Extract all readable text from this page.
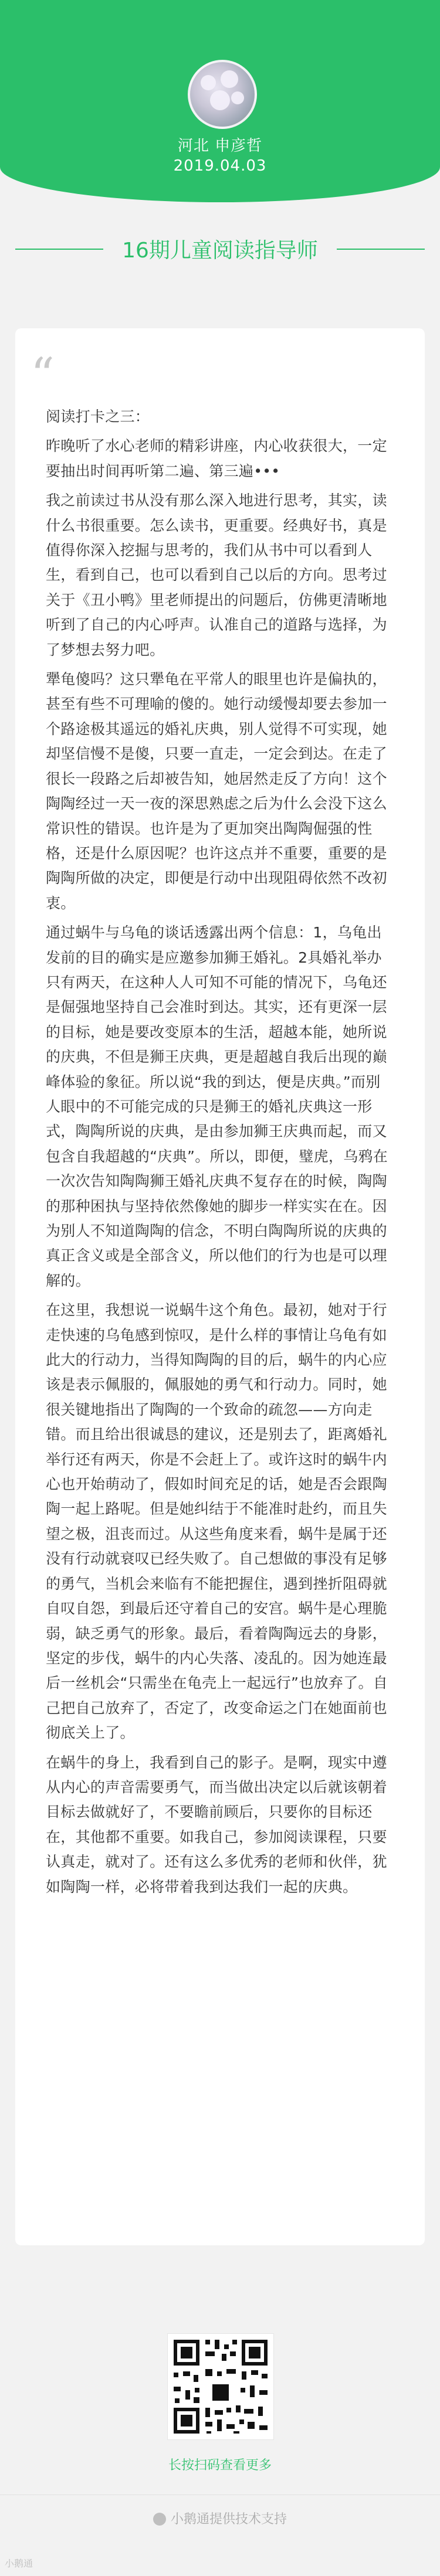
河北 申彦哲
2019.04.03
16期儿童阅读指导师
“

阅读打卡之三：

昨晚听了水心老师的精彩讲座，内心收获很大，一定要抽出时间再听第二遍、第三遍•••

我之前读过书从没有那么深入地进行思考，其实，读什么书很重要。怎么读书，更重要。经典好书，真是值得你深入挖掘与思考的，我们从书中可以看到人生，看到自己，也可以看到自己以后的方向。思考过关于《丑小鸭》里老师提出的问题后，仿佛更清晰地听到了自己的内心呼声。认准自己的道路与选择，为了梦想去努力吧。

犟龟傻吗？这只犟龟在平常人的眼里也许是偏执的，甚至有些不可理喻的傻的。她行动缓慢却要去参加一个路途极其遥远的婚礼庆典，别人觉得不可实现，她却坚信慢不是傻，只要一直走，一定会到达。在走了很长一段路之后却被告知，她居然走反了方向！这个陶陶经过一天一夜的深思熟虑之后为什么会没下这么常识性的错误。也许是为了更加突出陶陶倔强的性格，还是什么原因呢？也许这点并不重要，重要的是陶陶所做的决定，即便是行动中出现阻碍依然不改初衷。

通过蜗牛与乌龟的谈话透露出两个信息：1，乌龟出发前的目的确实是应邀参加狮王婚礼。2具婚礼举办只有两天，在这种人人可知不可能的情况下，乌龟还是倔强地坚持自己会准时到达。其实，还有更深一层的目标，她是要改变原本的生活，超越本能，她所说的庆典，不但是狮王庆典，更是超越自我后出现的巅峰体验的象征。所以说“我的到达，便是庆典。”而别人眼中的不可能完成的只是狮王的婚礼庆典这一形式，陶陶所说的庆典，是由参加狮王庆典而起，而又包含自我超越的“庆典”。所以，即便，璧虎，乌鸦在一次次告知陶陶狮王婚礼庆典不复存在的时候，陶陶的那种困执与坚持依然像她的脚步一样实实在在。因为别人不知道陶陶的信念，不明白陶陶所说的庆典的真正含义或是全部含义，所以他们的行为也是可以理解的。

在这里，我想说一说蜗牛这个角色。最初，她对于行走快速的乌龟感到惊叹，是什么样的事情让乌龟有如此大的行动力，当得知陶陶的目的后，蜗牛的内心应该是表示佩服的，佩服她的勇气和行动力。同时，她很关键地指出了陶陶的一个致命的疏忽——方向走错。而且给出很诚恳的建议，还是别去了，距离婚礼举行还有两天，你是不会赶上了。或许这时的蜗牛内心也开始萌动了，假如时间充足的话，她是否会跟陶陶一起上路呢。但是她纠结于不能准时赴约，而且失望之极，沮丧而过。从这些角度来看，蜗牛是属于还没有行动就衰叹已经失败了。自己想做的事没有足够的勇气，当机会来临有不能把握住，遇到挫折阻碍就自叹自怨，到最后还守着自己的安宫。蜗牛是心理脆弱，缺乏勇气的形象。最后，看着陶陶远去的身影，坚定的步伐，蜗牛的内心失落、凌乱的。因为她连最后一丝机会“只需坐在龟壳上一起远行”也放弃了。自己把自己放弃了，否定了，改变命运之门在她面前也彻底关上了。

在蜗牛的身上，我看到自己的影子。是啊，现实中遵从内心的声音需要勇气，而当做出决定以后就该朝着目标去做就好了，不要瞻前顾后，只要你的目标还在，其他都不重要。如我自己，参加阅读课程，只要认真走，就对了。还有这么多优秀的老师和伙伴，犹如陶陶一样，必将带着我到达我们一起的庆典。

长按扫码查看更多
小鹅通提供技术支持
小鹅通
